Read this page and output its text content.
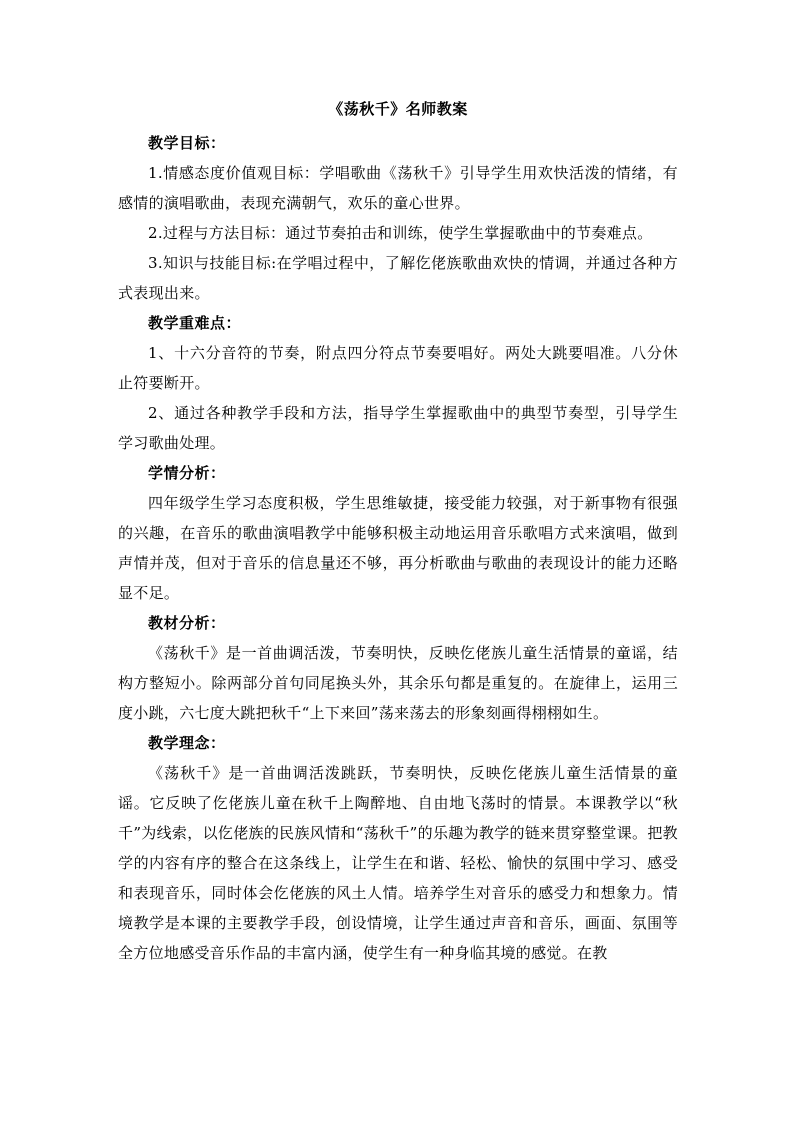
《荡秋千》名师教案

教学目标：

1.情感态度价值观目标：学唱歌曲《荡秋千》引导学生用欢快活泼的情绪，有感情的演唱歌曲，表现充满朝气，欢乐的童心世界。

2.过程与方法目标：通过节奏拍击和训练，使学生掌握歌曲中的节奏难点。

3.知识与技能目标:在学唱过程中，了解仡佬族歌曲欢快的情调，并通过各种方式表现出来。

教学重难点：

1、十六分音符的节奏，附点四分符点节奏要唱好。两处大跳要唱准。八分休止符要断开。

2、通过各种教学手段和方法，指导学生掌握歌曲中的典型节奏型，引导学生学习歌曲处理。

学情分析：

四年级学生学习态度积极，学生思维敏捷，接受能力较强，对于新事物有很强的兴趣，在音乐的歌曲演唱教学中能够积极主动地运用音乐歌唱方式来演唱，做到声情并茂，但对于音乐的信息量还不够，再分析歌曲与歌曲的表现设计的能力还略显不足。

教材分析：

《荡秋千》是一首曲调活泼，节奏明快，反映仡佬族儿童生活情景的童谣，结构方整短小。除两部分首句同尾换头外，其余乐句都是重复的。在旋律上，运用三度小跳，六七度大跳把秋千“上下来回”荡来荡去的形象刻画得栩栩如生。

教学理念：

《荡秋千》是一首曲调活泼跳跃，节奏明快，反映仡佬族儿童生活情景的童谣。它反映了仡佬族儿童在秋千上陶醉地、自由地飞荡时的情景。本课教学以“秋千”为线索，以仡佬族的民族风情和“荡秋千”的乐趣为教学的链来贯穿整堂课。把教学的内容有序的整合在这条线上，让学生在和谐、轻松、愉快的氛围中学习、感受和表现音乐，同时体会仡佬族的风土人情。培养学生对音乐的感受力和想象力。情境教学是本课的主要教学手段，创设情境，让学生通过声音和音乐，画面、氛围等全方位地感受音乐作品的丰富内涵，使学生有一种身临其境的感觉。在教
